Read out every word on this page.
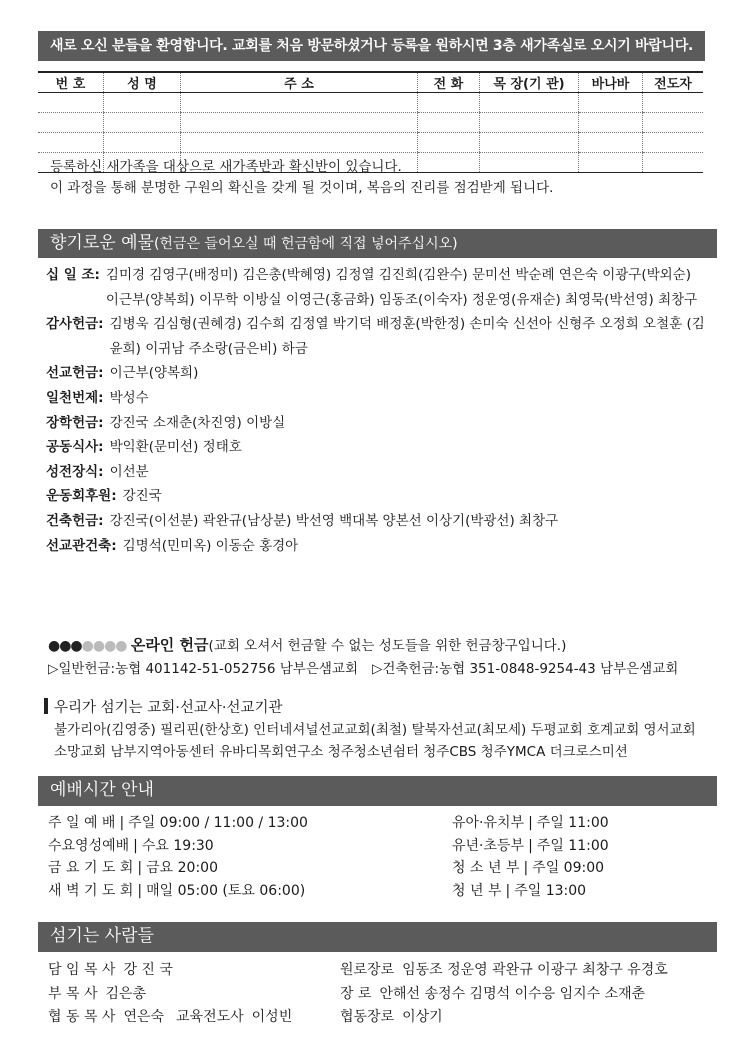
새로 오신 분들을 환영합니다. 교회를 처음 방문하셨거나 등록을 원하시면 3층 새가족실로 오시기 바랍니다.
번 호	성 명	주 소	전 화	목 장(기 관)	바나바	전도자

등록하신 새가족을 대상으로 새가족반과 확신반이 있습니다.
이 과정을 통해 분명한 구원의 확신을 갖게 될 것이며, 복음의 진리를 점검받게 됩니다.
향기로운 예물(헌금은 들어오실 때 헌금함에 직접 넣어주십시오)
십 일 조: 김미경 김영구(배정미) 김은총(박혜영) 김정열 김진희(김완수) 문미선 박순례 연은숙 이광구(박외순) 이근부(양복희) 이무학 이방실 이영근(홍금화) 임동조(이숙자) 정운영(유재순) 최영묵(박선영) 최창구
감사헌금: 김병욱 김심형(권혜경) 김수희 김정열 박기덕 배정훈(박한정) 손미숙 신선아 신형주 오정희 오철훈 (김윤희) 이귀남 주소랑(금은비) 하금
선교헌금: 이근부(양복희)
일천번제: 박성수
장학헌금: 강진국 소재춘(차진영) 이방실
공동식사: 박익환(문미선) 정태호
성전장식: 이선분
운동회후원: 강진국
건축헌금: 강진국(이선분) 곽완규(남상분) 박선영 백대복 양본선 이상기(박광선) 최창구
선교관건축: 김명석(민미옥) 이동순 홍경아
●●●●●●● 온라인 헌금(교회 오셔서 헌금할 수 없는 성도들을 위한 헌금창구입니다.)
▷일반헌금:농협 401142-51-052756 남부은샘교회 ▷건축헌금:농협 351-0848-9254-43 남부은샘교회
우리가 섬기는 교회·선교사·선교기관
불가리아(김영중) 필리핀(한상호) 인터네셔널선교교회(최철) 탈북자선교(최모세) 두평교회 호계교회 영서교회 소망교회 남부지역아동센터 유바디목회연구소 청주청소년쉼터 청주CBS 청주YMCA 더크로스미션
예배시간 안내
주 일 예 배 | 주일 09:00 / 11:00 / 13:00
수요영성예배 | 수요 19:30
금 요 기 도 회 | 금요 20:00
새 벽 기 도 회 | 매일 05:00 (토요 06:00)
유아·유치부 | 주일 11:00
유년·초등부 | 주일 11:00
청 소 년 부 | 주일 09:00
청 년 부 | 주일 13:00
섬기는 사람들
담 임 목 사 강 진 국
부 목 사 김은총
협 동 목 사 연은숙 교육전도사 이성빈
원로장로 임동조 정운영 곽완규 이광구 최창구 유경호
장 로 안해선 송정수 김명석 이수응 임지수 소재춘
협동장로 이상기
